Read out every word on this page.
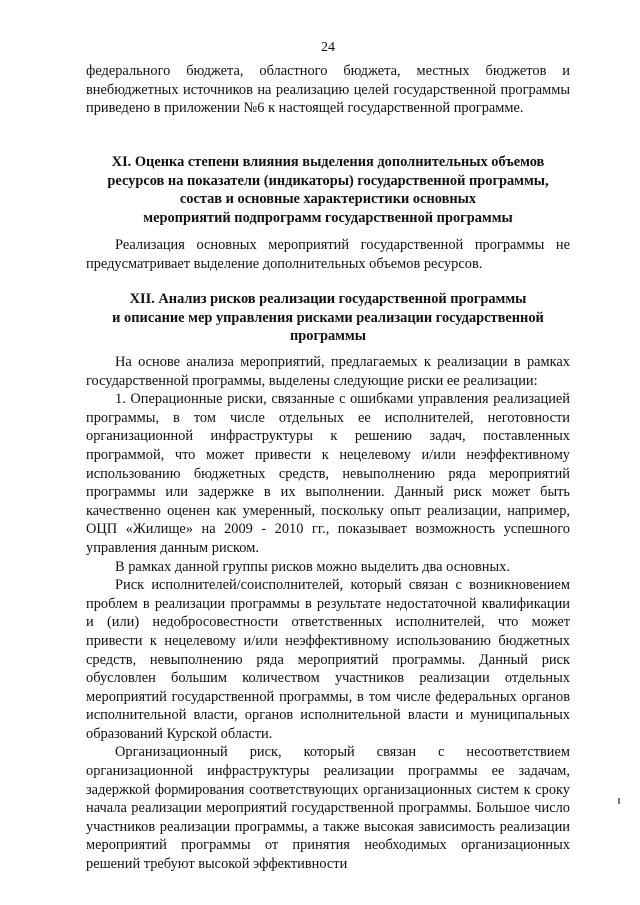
24

федерального бюджета, областного бюджета, местных бюджетов и внебюджетных источников на реализацию целей государственной программы приведено в приложении №6 к настоящей государственной программе.

XI. Оценка степени влияния выделения дополнительных объемов
ресурсов на показатели (индикаторы) государственной программы,
состав и основные характеристики основных
мероприятий подпрограмм государственной программы

Реализация основных мероприятий государственной программы не предусматривает выделение дополнительных объемов ресурсов.

XII. Анализ рисков реализации государственной программы
и описание мер управления рисками реализации государственной
программы

На основе анализа мероприятий, предлагаемых к реализации в рамках государственной программы, выделены следующие риски ее реализации:

1. Операционные риски, связанные с ошибками управления реализацией программы, в том числе отдельных ее исполнителей, неготовности организационной инфраструктуры к решению задач, поставленных программой, что может привести к нецелевому и/или неэффективному использованию бюджетных средств, невыполнению ряда мероприятий программы или задержке в их выполнении. Данный риск может быть качественно оценен как умеренный, поскольку опыт реализации, например, ОЦП «Жилище» на 2009 - 2010 гг., показывает возможность успешного управления данным риском.

В рамках данной группы рисков можно выделить два основных.

Риск исполнителей/соисполнителей, который связан с возникновением проблем в реализации программы в результате недостаточной квалификации и (или) недобросовестности ответственных исполнителей, что может привести к нецелевому и/или неэффективному использованию бюджетных средств, невыполнению ряда мероприятий программы. Данный риск обусловлен большим количеством участников реализации отдельных мероприятий государственной программы, в том числе федеральных органов исполнительной власти, органов исполнительной власти и муниципальных образований Курской области.

Организационный риск, который связан с несоответствием организационной инфраструктуры реализации программы ее задачам, задержкой формирования соответствующих организационных систем к сроку начала реализации мероприятий государственной программы. Большое число участников реализации программы, а также высокая зависимость реализации мероприятий программы от принятия необходимых организационных решений требуют высокой эффективности
